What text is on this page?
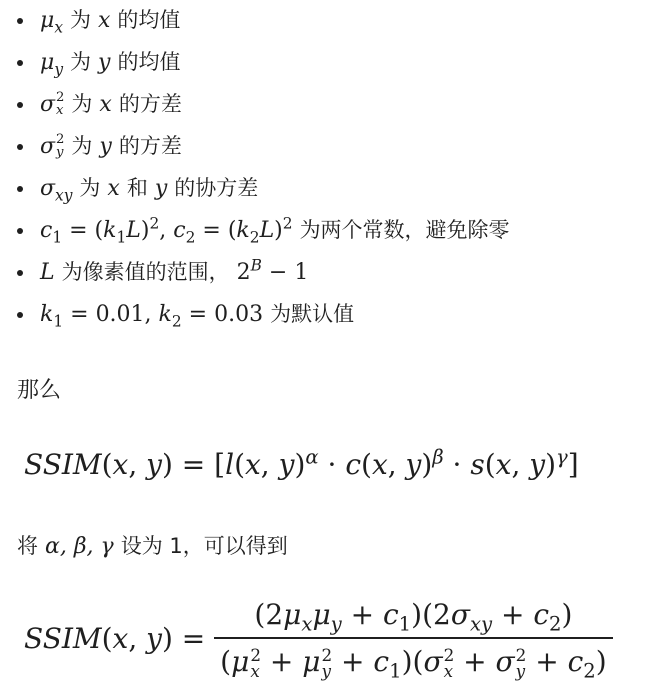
$\mu_x$ 为 x 的均值
$\mu_y$ 为 y 的均值
σ 2
x 为 x 的方差
σ 2
y 为 y 的方差
$\sigma_{xy}$ 为 x 和 y 的协方差
$c_1 = (k_1L)^2$, $c_2 = (k_2L)^2$ 为两个常数，避免除零
L 为像素值的范围， $2^B - 1$
$k_1 = 0.01$, $k_2 = 0.03$ 为默认值
那么
SSIM(x, y) = [l(x, y)$^\alpha$ · c(x, y)$^\beta$ · s(x, y)$^\gamma$]
将 α, β, γ 设为 1，可以得到
SSIM(x, $y) = (2\mu_x\mu_y + c_1)(2\sigma_{xy} + c_2)$
(μ 2
x + μ 2
$y + c_1)(\sigma$ 2
x + σ 2
$y + c_2$)
